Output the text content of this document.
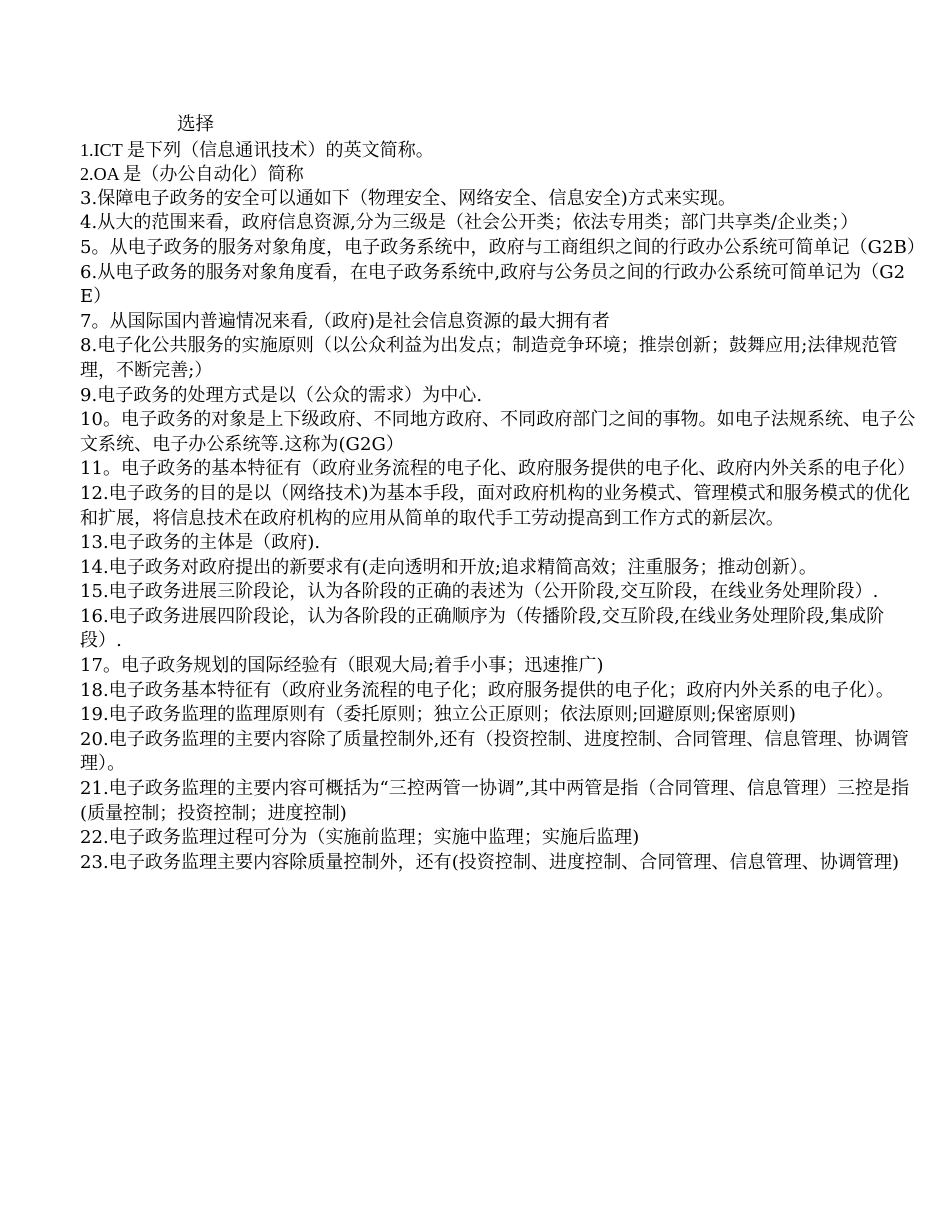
选择

1.ICT 是下列（信息通讯技术）的英文简称。

2.OA 是（办公自动化）简称

3.保障电子政务的安全可以通如下（物理安全、网络安全、信息安全)方式来实现。

4.从大的范围来看，政府信息资源,分为三级是（社会公开类；依法专用类；部门共享类/企业类；）

5。从电子政务的服务对象角度，电子政务系统中，政府与工商组织之间的行政办公系统可简单记（G2B）

6.从电子政务的服务对象角度看，在电子政务系统中,政府与公务员之间的行政办公系统可简单记为（G2E）

7。从国际国内普遍情况来看,（政府)是社会信息资源的最大拥有者

8.电子化公共服务的实施原则（以公众利益为出发点；制造竞争环境；推崇创新；鼓舞应用;法律规范管理，不断完善;）

9.电子政务的处理方式是以（公众的需求）为中心.

10。电子政务的对象是上下级政府、不同地方政府、不同政府部门之间的事物。如电子法规系统、电子公文系统、电子办公系统等.这称为(G2G）

11。电子政务的基本特征有（政府业务流程的电子化、政府服务提供的电子化、政府内外关系的电子化）

12.电子政务的目的是以（网络技术)为基本手段，面对政府机构的业务模式、管理模式和服务模式的优化和扩展，将信息技术在政府机构的应用从简单的取代手工劳动提高到工作方式的新层次。

13.电子政务的主体是（政府).

14.电子政务对政府提出的新要求有(走向透明和开放;追求精简高效；注重服务；推动创新）。

15.电子政务进展三阶段论，认为各阶段的正确的表述为（公开阶段,交互阶段，在线业务处理阶段）.

16.电子政务进展四阶段论，认为各阶段的正确顺序为（传播阶段,交互阶段,在线业务处理阶段,集成阶段）.

17。电子政务规划的国际经验有（眼观大局;着手小事；迅速推广)

18.电子政务基本特征有（政府业务流程的电子化；政府服务提供的电子化；政府内外关系的电子化）。

19.电子政务监理的监理原则有（委托原则；独立公正原则；依法原则;回避原则;保密原则)

20.电子政务监理的主要内容除了质量控制外,还有（投资控制、进度控制、合同管理、信息管理、协调管理）。

21.电子政务监理的主要内容可概括为“三控两管一协调”,其中两管是指（合同管理、信息管理）三控是指(质量控制；投资控制；进度控制)

22.电子政务监理过程可分为（实施前监理；实施中监理；实施后监理)

23.电子政务监理主要内容除质量控制外，还有(投资控制、进度控制、合同管理、信息管理、协调管理)
